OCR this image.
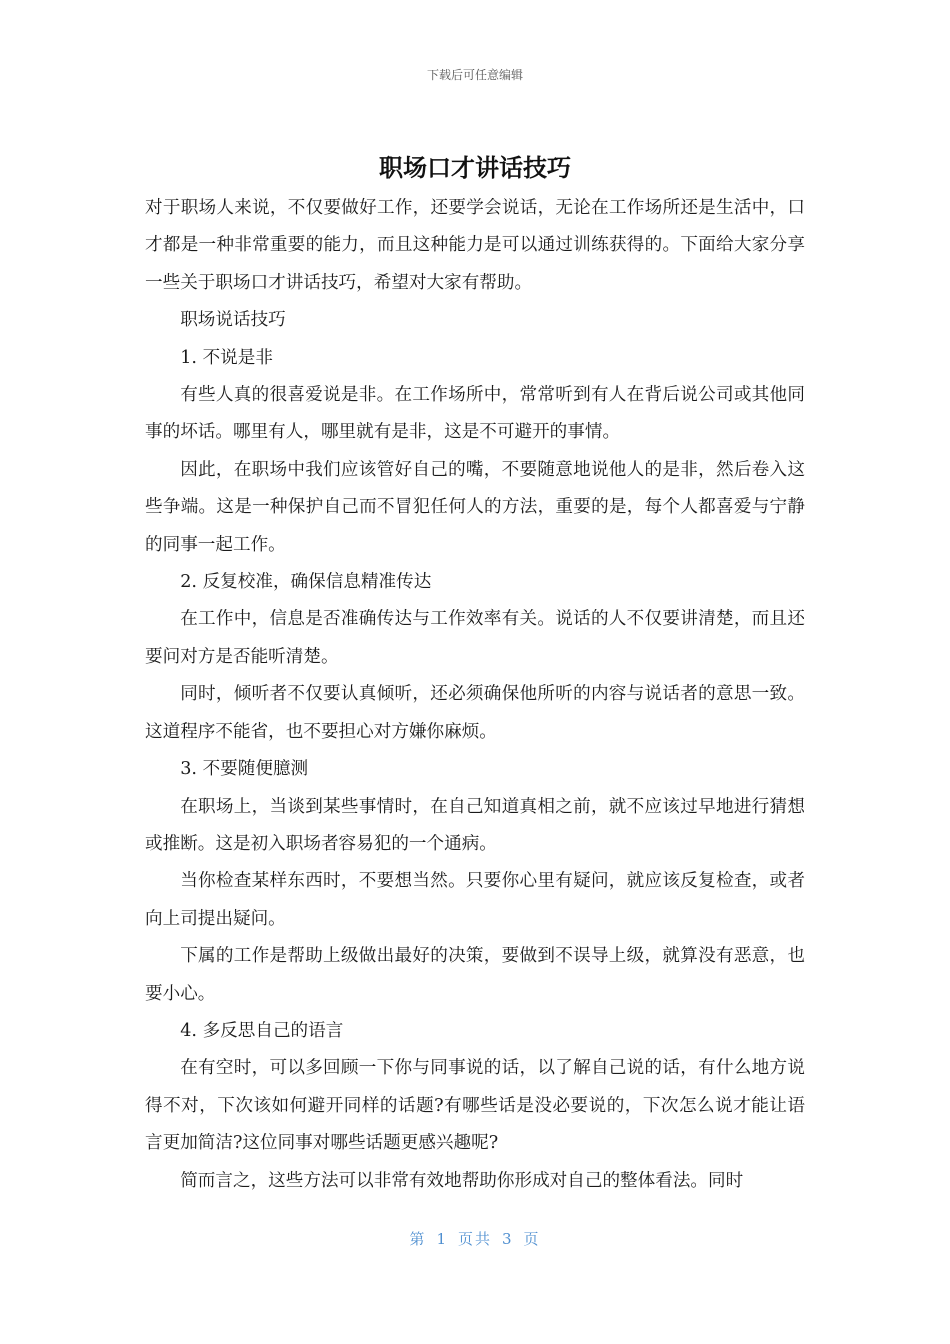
下载后可任意编辑
职场口才讲话技巧

对于职场人来说，不仅要做好工作，还要学会说话，无论在工作场所还是生活中，口才都是一种非常重要的能力，而且这种能力是可以通过训练获得的。下面给大家分享一些关于职场口才讲话技巧，希望对大家有帮助。

职场说话技巧

1. 不说是非

有些人真的很喜爱说是非。在工作场所中，常常听到有人在背后说公司或其他同事的坏话。哪里有人，哪里就有是非，这是不可避开的事情。

因此，在职场中我们应该管好自己的嘴，不要随意地说他人的是非，然后卷入这些争端。这是一种保护自己而不冒犯任何人的方法，重要的是，每个人都喜爱与宁静的同事一起工作。

2. 反复校准，确保信息精准传达

在工作中，信息是否准确传达与工作效率有关。说话的人不仅要讲清楚，而且还要问对方是否能听清楚。

同时，倾听者不仅要认真倾听，还必须确保他所听的内容与说话者的意思一致。这道程序不能省，也不要担心对方嫌你麻烦。

3. 不要随便臆测

在职场上，当谈到某些事情时，在自己知道真相之前，就不应该过早地进行猜想或推断。这是初入职场者容易犯的一个通病。

当你检查某样东西时，不要想当然。只要你心里有疑问，就应该反复检查，或者向上司提出疑问。

下属的工作是帮助上级做出最好的决策，要做到不误导上级，就算没有恶意，也要小心。

4. 多反思自己的语言

在有空时，可以多回顾一下你与同事说的话，以了解自己说的话，有什么地方说得不对，下次该如何避开同样的话题?有哪些话是没必要说的，下次怎么说才能让语言更加简洁?这位同事对哪些话题更感兴趣呢?

简而言之，这些方法可以非常有效地帮助你形成对自己的整体看法。同时

第 1 页共 3 页
